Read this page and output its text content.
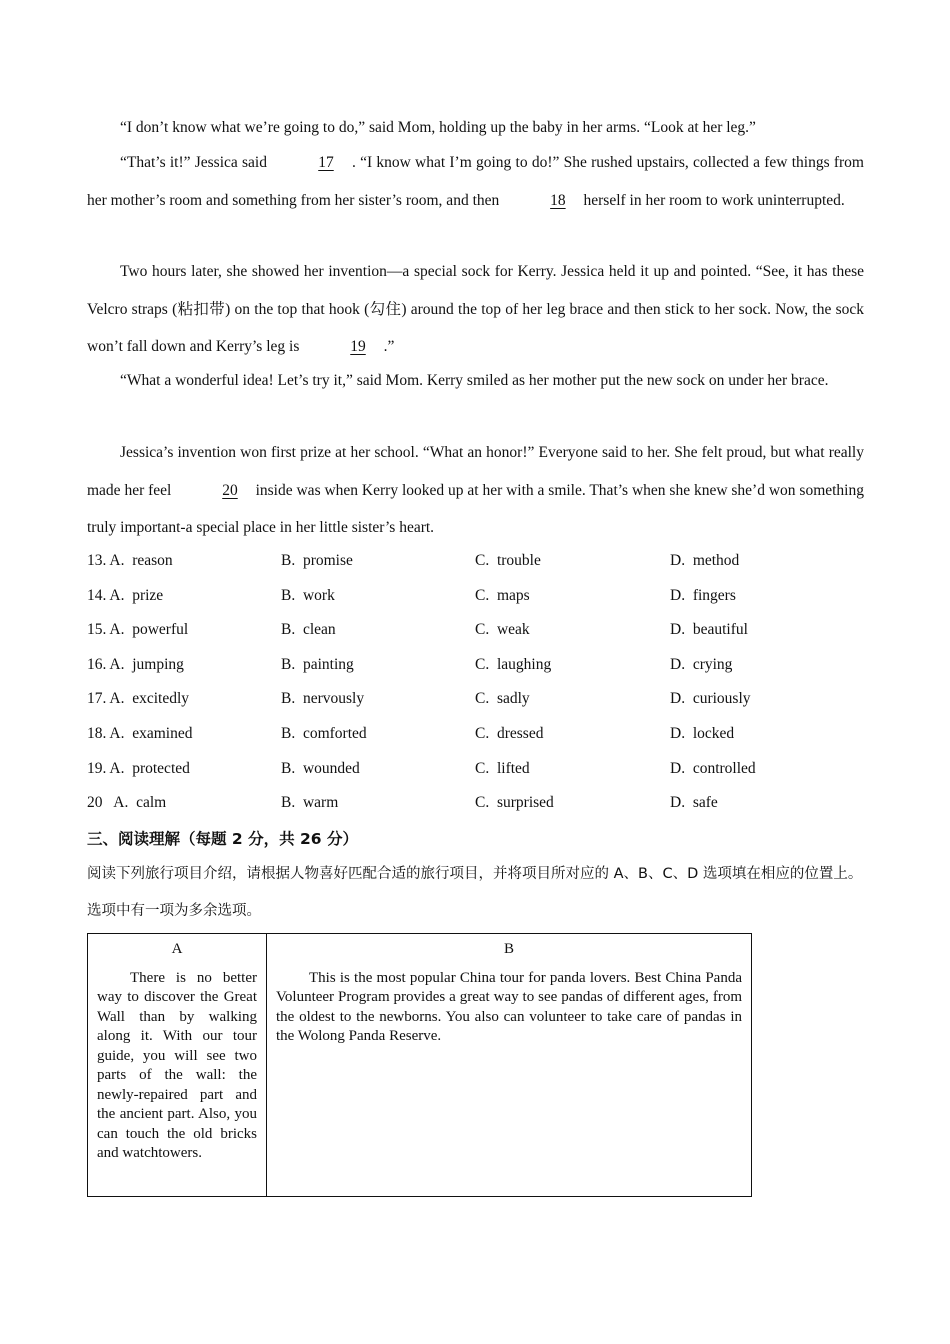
“I don’t know what we’re going to do,” said Mom, holding up the baby in her arms. “Look at her leg.”

“That’s it!” Jessica said	17 . “I know what I’m going to do!” She rushed upstairs, collected a few things from her mother’s room and something from her sister’s room, and then	18 herself in her room to work uninterrupted.

Two hours later, she showed her invention—a special sock for Kerry. Jessica held it up and pointed. “See, it has these Velcro straps (粘扣带) on the top that hook (勾住) around the top of her leg brace and then stick to her sock. Now, the sock won’t fall down and Kerry’s leg is	19 .”

“What a wonderful idea! Let’s try it,” said Mom. Kerry smiled as her mother put the new sock on under her brace.

Jessica’s invention won first prize at her school. “What an honor!” Everyone said to her. She felt proud, but what really made her feel	20 inside was when Kerry looked up at her with a smile. That’s when she knew she’d won something truly important-a special place in her little sister’s heart.

13. A.  reason	B.  promise	C.  trouble	D.  method
14. A.  prize	B.  work	C.  maps	D.  fingers
15. A.  powerful	B.  clean	C.  weak	D.  beautiful
16. A.  jumping	B.  painting	C.  laughing	D.  crying
17. A.  excitedly	B.  nervously	C.  sadly	D.  curiously
18. A.  examined	B.  comforted	C.  dressed	D.  locked
19. A.  protected	B.  wounded	C.  lifted	D.  controlled
20   A.  calm	B.  warm	C.  surprised	D.  safe
三、阅读理解（每题 2 分，共 26 分）
阅读下列旅行项目介绍，请根据人物喜好匹配合适的旅行项目，并将项目所对应的 A、B、C、D 选项填在相应的位置上。选项中有一项为多余选项。
A

There is no better way to discover the Great Wall than by walking along it. With our tour guide, you will see two parts of the wall: the newly-repaired part and the ancient part. Also, you can touch the old bricks and watchtowers.

B

This is the most popular China tour for panda lovers. Best China Panda Volunteer Program provides a great way to see pandas of different ages, from the oldest to the newborns. You also can volunteer to take care of pandas in the Wolong Panda Reserve.
